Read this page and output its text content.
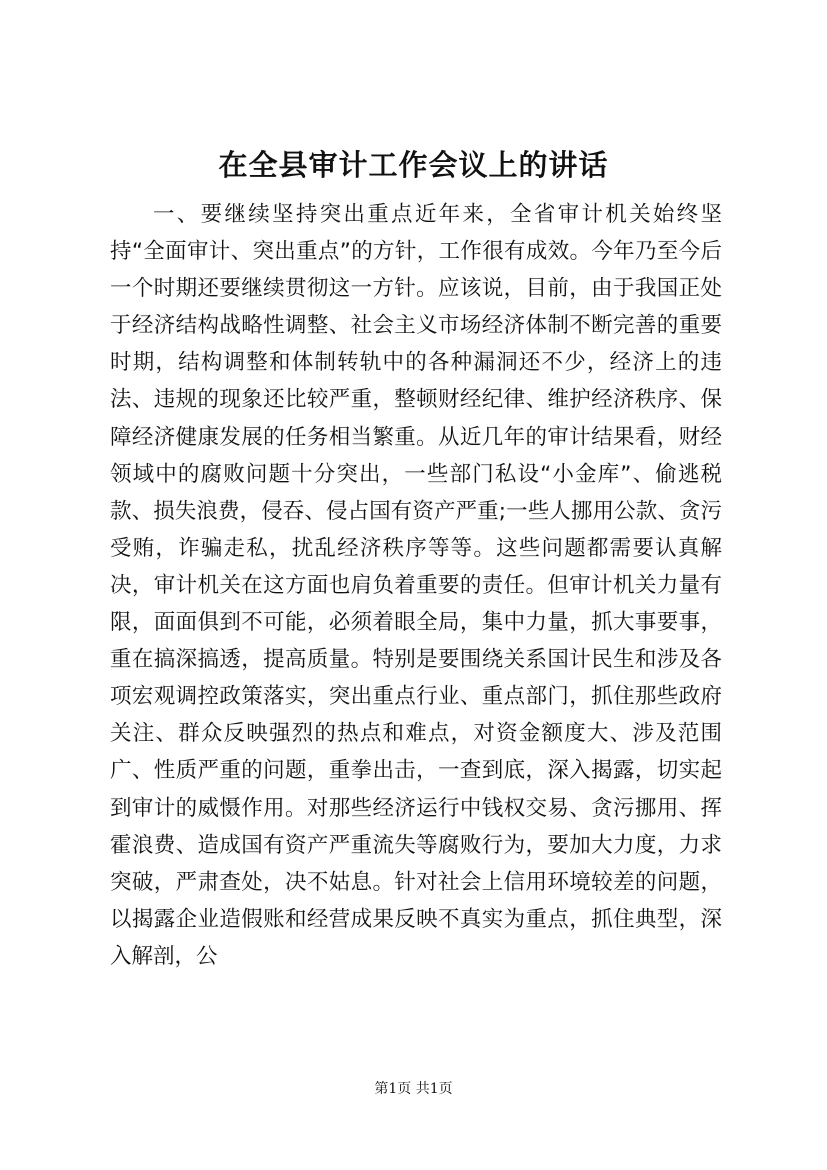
在全县审计工作会议上的讲话

一、要继续坚持突出重点近年来，全省审计机关始终坚持“全面审计、突出重点”的方针，工作很有成效。今年乃至今后一个时期还要继续贯彻这一方针。应该说，目前，由于我国正处于经济结构战略性调整、社会主义市场经济体制不断完善的重要时期，结构调整和体制转轨中的各种漏洞还不少，经济上的违法、违规的现象还比较严重，整顿财经纪律、维护经济秩序、保障经济健康发展的任务相当繁重。从近几年的审计结果看，财经领域中的腐败问题十分突出，一些部门私设“小金库”、偷逃税款、损失浪费，侵吞、侵占国有资产严重;一些人挪用公款、贪污受贿，诈骗走私，扰乱经济秩序等等。这些问题都需要认真解决，审计机关在这方面也肩负着重要的责任。但审计机关力量有限，面面俱到不可能，必须着眼全局，集中力量，抓大事要事，重在搞深搞透，提高质量。特别是要围绕关系国计民生和涉及各项宏观调控政策落实，突出重点行业、重点部门，抓住那些政府关注、群众反映强烈的热点和难点，对资金额度大、涉及范围广、性质严重的问题，重拳出击，一查到底，深入揭露，切实起到审计的威慑作用。对那些经济运行中钱权交易、贪污挪用、挥霍浪费、造成国有资产严重流失等腐败行为，要加大力度，力求突破，严肃查处，决不姑息。针对社会上信用环境较差的问题，以揭露企业造假账和经营成果反映不真实为重点，抓住典型，深入解剖，公

第1页 共1页
